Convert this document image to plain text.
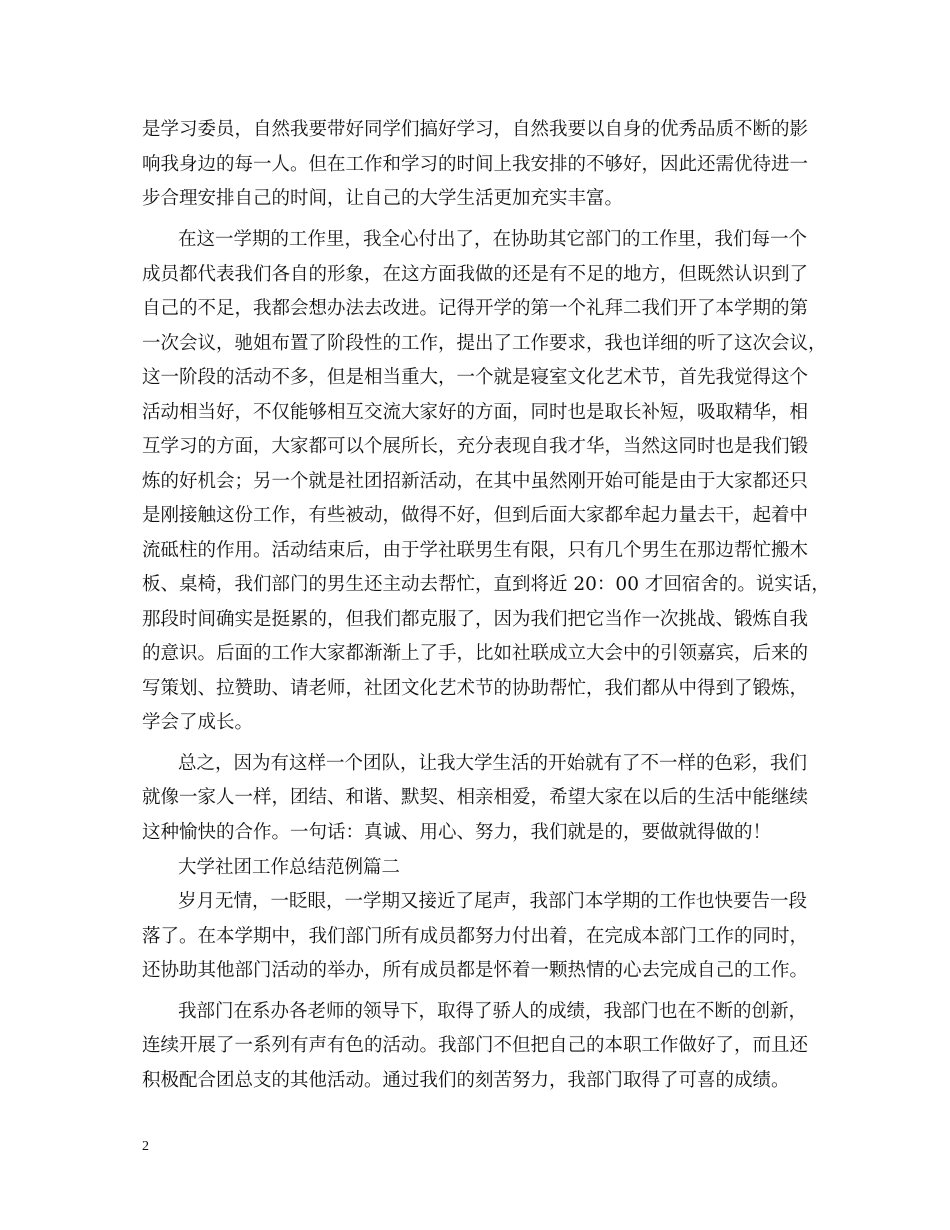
是学习委员，自然我要带好同学们搞好学习，自然我要以自身的优秀品质不断的影
响我身边的每一人。但在工作和学习的时间上我安排的不够好，因此还需优待进一
步合理安排自己的时间，让自己的大学生活更加充实丰富。
在这一学期的工作里，我全心付出了，在协助其它部门的工作里，我们每一个
成员都代表我们各自的形象，在这方面我做的还是有不足的地方，但既然认识到了
自己的不足，我都会想办法去改进。记得开学的第一个礼拜二我们开了本学期的第
一次会议，驰姐布置了阶段性的工作，提出了工作要求，我也详细的听了这次会议，
这一阶段的活动不多，但是相当重大，一个就是寝室文化艺术节，首先我觉得这个
活动相当好，不仅能够相互交流大家好的方面，同时也是取长补短，吸取精华，相
互学习的方面，大家都可以个展所长，充分表现自我才华，当然这同时也是我们锻
炼的好机会；另一个就是社团招新活动，在其中虽然刚开始可能是由于大家都还只
是刚接触这份工作，有些被动，做得不好，但到后面大家都牟起力量去干，起着中
流砥柱的作用。活动结束后，由于学社联男生有限，只有几个男生在那边帮忙搬木
板、桌椅，我们部门的男生还主动去帮忙，直到将近 20：00 才回宿舍的。说实话，
那段时间确实是挺累的，但我们都克服了，因为我们把它当作一次挑战、锻炼自我
的意识。后面的工作大家都渐渐上了手，比如社联成立大会中的引领嘉宾，后来的
写策划、拉赞助、请老师，社团文化艺术节的协助帮忙，我们都从中得到了锻炼，
学会了成长。
总之，因为有这样一个团队，让我大学生活的开始就有了不一样的色彩，我们
就像一家人一样，团结、和谐、默契、相亲相爱，希望大家在以后的生活中能继续
这种愉快的合作。一句话：真诚、用心、努力，我们就是的，要做就得做的！
大学社团工作总结范例篇二
岁月无情，一眨眼，一学期又接近了尾声，我部门本学期的工作也快要告一段
落了。在本学期中，我们部门所有成员都努力付出着，在完成本部门工作的同时，
还协助其他部门活动的举办，所有成员都是怀着一颗热情的心去完成自己的工作。
我部门在系办各老师的领导下，取得了骄人的成绩，我部门也在不断的创新，
连续开展了一系列有声有色的活动。我部门不但把自己的本职工作做好了，而且还
积极配合团总支的其他活动。通过我们的刻苦努力，我部门取得了可喜的成绩。
2
